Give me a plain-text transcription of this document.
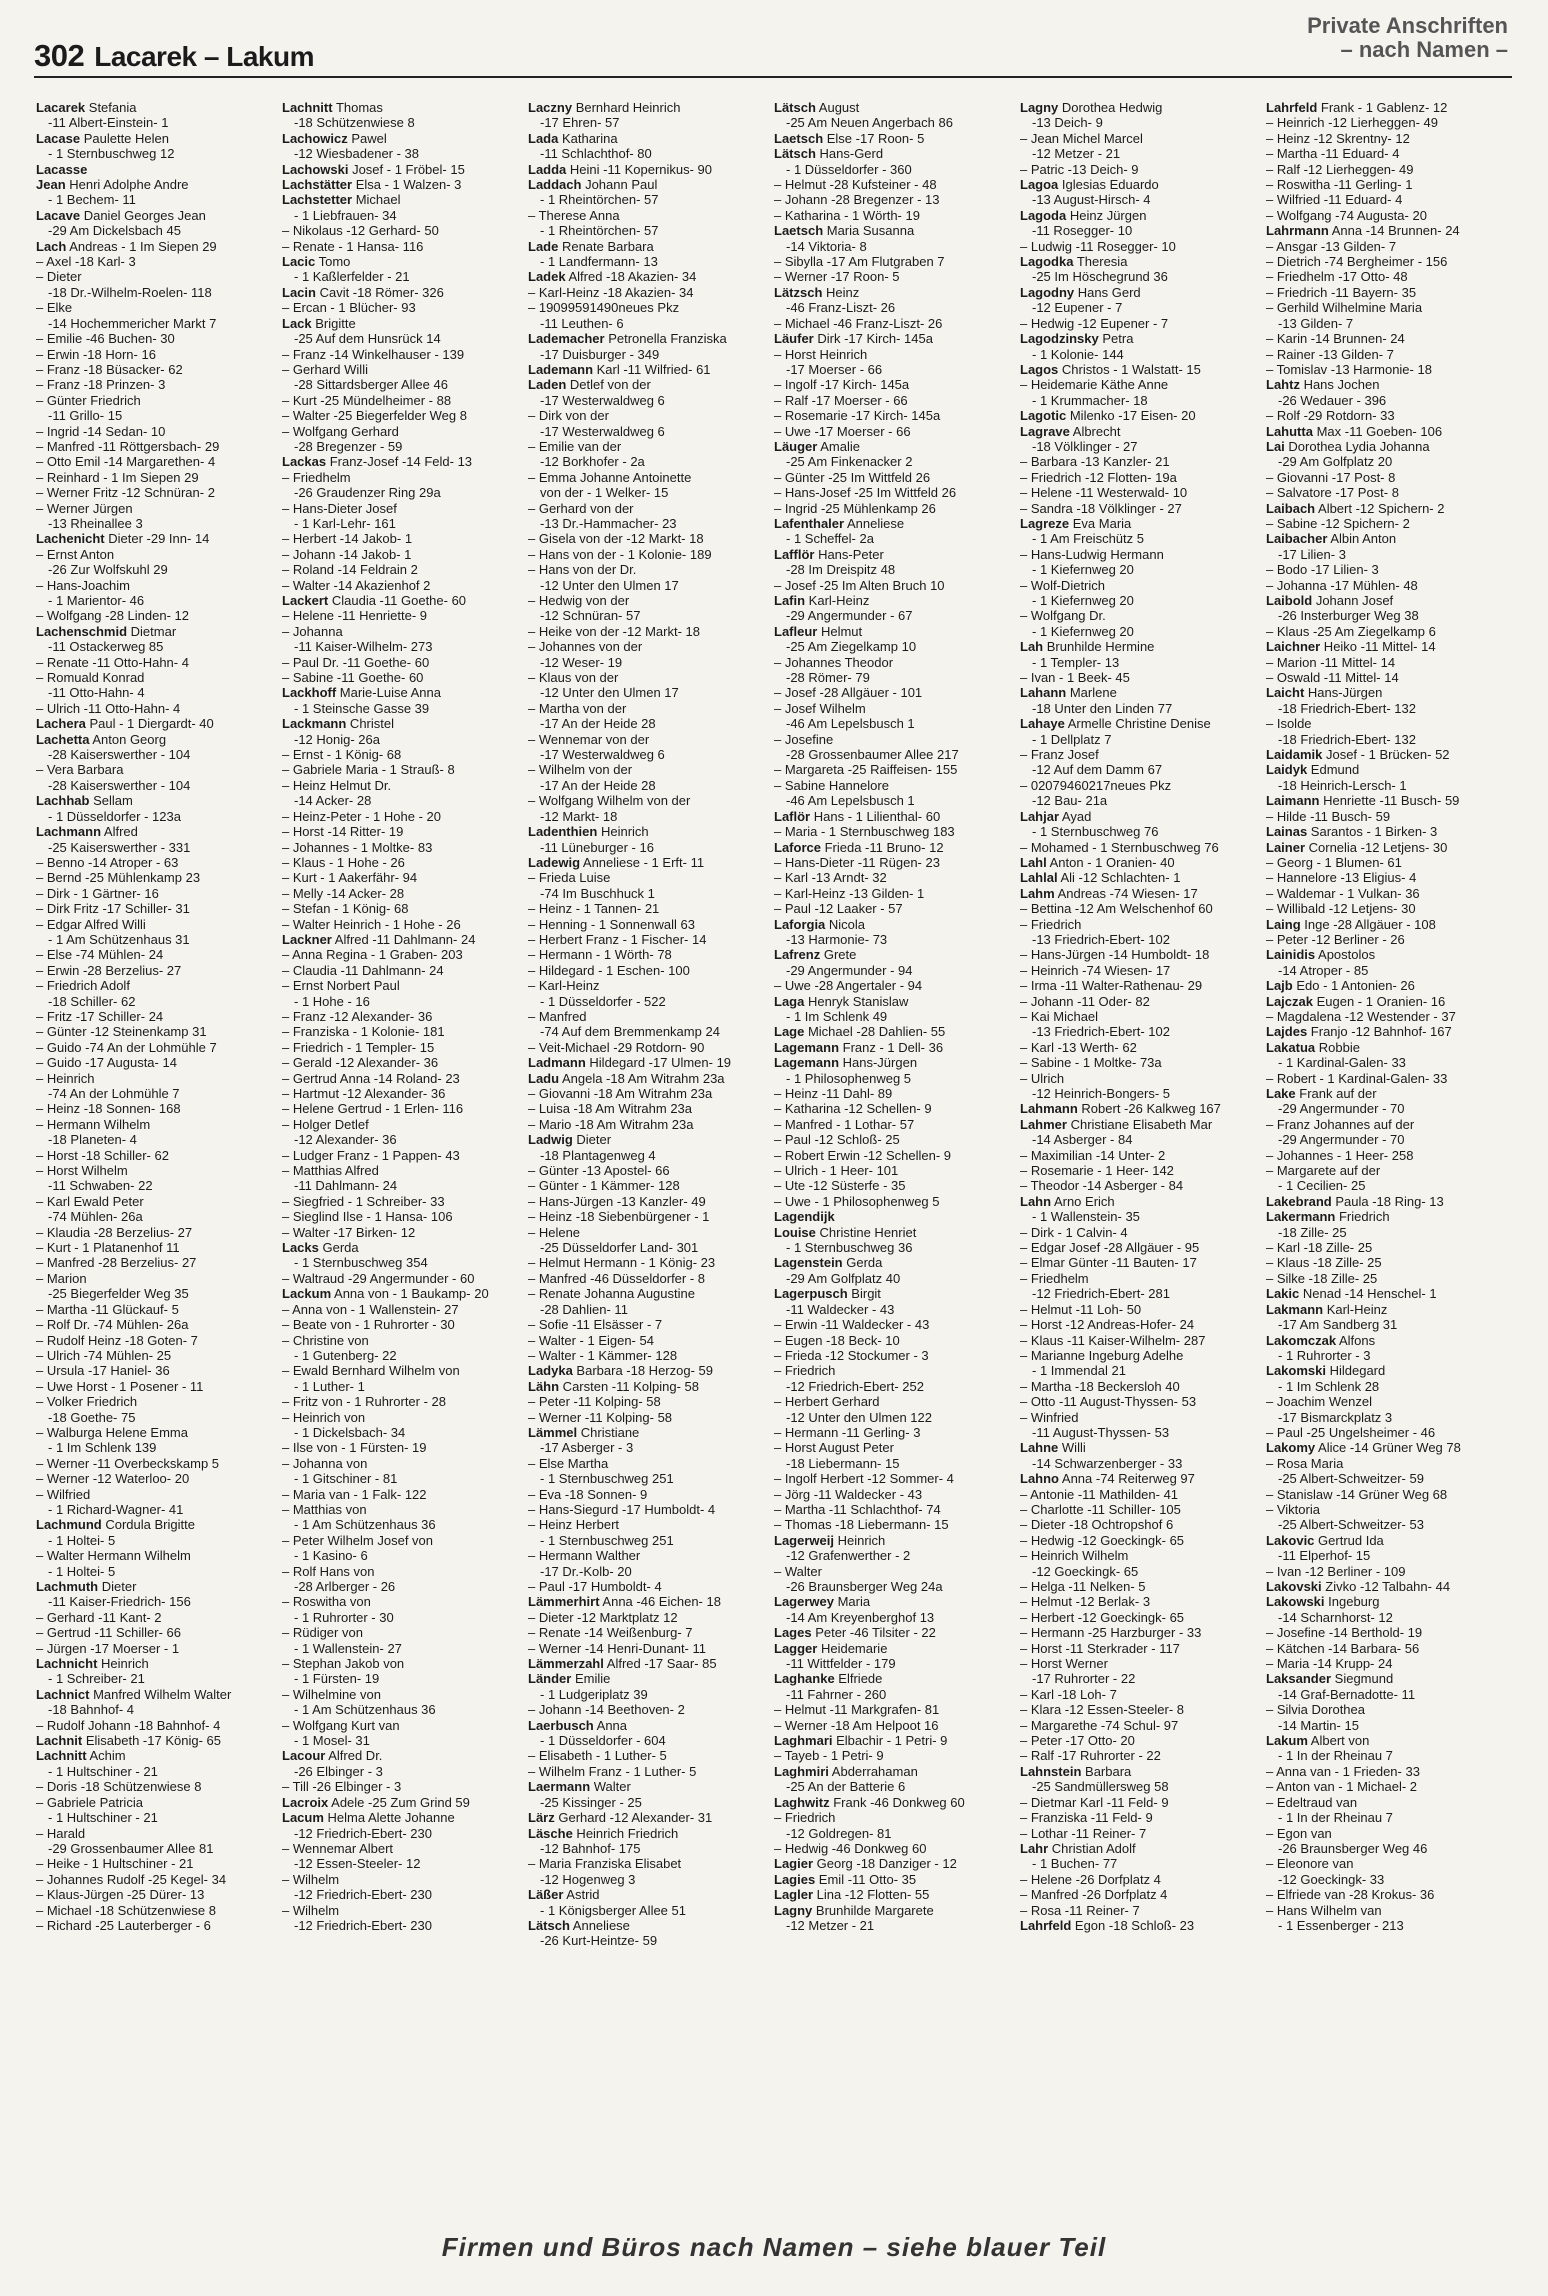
302 Lacarek – Lakum
Private Anschriften
– nach Namen –
Lacarek Stefania
-11 Albert-Einstein- 1
Lacase Paulette Helen
- 1 Sternbuschweg 12
Lacasse
Jean Henri Adolphe Andre
- 1 Bechem- 11
Lacave Daniel Georges Jean
-29 Am Dickelsbach 45
Lach Andreas - 1 Im Siepen 29
– Axel -18 Karl- 3
– Dieter
-18 Dr.-Wilhelm-Roelen- 118
– Elke
-14 Hochemmericher Markt 7
– Emilie -46 Buchen- 30
– Erwin -18 Horn- 16
– Franz -18 Büsacker- 62
– Franz -18 Prinzen- 3
– Günter Friedrich
-11 Grillo- 15
– Ingrid -14 Sedan- 10
– Manfred -11 Röttgersbach- 29
– Otto Emil -14 Margarethen- 4
– Reinhard - 1 Im Siepen 29
– Werner Fritz -12 Schnüran- 2
– Werner Jürgen
-13 Rheinallee 3
Lachenicht Dieter -29 Inn- 14
– Ernst Anton
-26 Zur Wolfskuhl 29
– Hans-Joachim
- 1 Marientor- 46
– Wolfgang -28 Linden- 12
Lachenschmid Dietmar
-11 Ostackerweg 85
– Renate -11 Otto-Hahn- 4
– Romuald Konrad
-11 Otto-Hahn- 4
– Ulrich -11 Otto-Hahn- 4
Lachera Paul - 1 Diergardt- 40
Lachetta Anton Georg
-28 Kaiserswerther - 104
– Vera Barbara
-28 Kaiserswerther - 104
Lachhab Sellam
- 1 Düsseldorfer - 123a
Lachmann Alfred
-25 Kaiserswerther - 331
– Benno -14 Atroper - 63
– Bernd -25 Mühlenkamp 23
– Dirk - 1 Gärtner- 16
– Dirk Fritz -17 Schiller- 31
– Edgar Alfred Willi
- 1 Am Schützenhaus 31
– Else -74 Mühlen- 24
– Erwin -28 Berzelius- 27
– Friedrich Adolf
-18 Schiller- 62
– Fritz -17 Schiller- 24
– Günter -12 Steinenkamp 31
– Guido -74 An der Lohmühle 7
– Guido -17 Augusta- 14
– Heinrich
-74 An der Lohmühle 7
– Heinz -18 Sonnen- 168
– Hermann Wilhelm
-18 Planeten- 4
– Horst -18 Schiller- 62
– Horst Wilhelm
-11 Schwaben- 22
– Karl Ewald Peter
-74 Mühlen- 26a
– Klaudia -28 Berzelius- 27
– Kurt - 1 Platanenhof 11
– Manfred -28 Berzelius- 27
– Marion
-25 Biegerfelder Weg 35
– Martha -11 Glückauf- 5
– Rolf Dr. -74 Mühlen- 26a
– Rudolf Heinz -18 Goten- 7
– Ulrich -74 Mühlen- 25
– Ursula -17 Haniel- 36
– Uwe Horst - 1 Posener - 11
– Volker Friedrich
-18 Goethe- 75
– Walburga Helene Emma
- 1 Im Schlenk 139
– Werner -11 Overbeckskamp 5
– Werner -12 Waterloo- 20
– Wilfried
- 1 Richard-Wagner- 41
Lachmund Cordula Brigitte
- 1 Holtei- 5
– Walter Hermann Wilhelm
- 1 Holtei- 5
Lachmuth Dieter
-11 Kaiser-Friedrich- 156
– Gerhard -11 Kant- 2
– Gertrud -11 Schiller- 66
– Jürgen -17 Moerser - 1
Lachnicht Heinrich
- 1 Schreiber- 21
Lachnict Manfred Wilhelm Walter
-18 Bahnhof- 4
– Rudolf Johann -18 Bahnhof- 4
Lachnit Elisabeth -17 König- 65
Lachnitt Achim
- 1 Hultschiner - 21
– Doris -18 Schützenwiese 8
– Gabriele Patricia
- 1 Hultschiner - 21
– Harald
-29 Grossenbaumer Allee 81
– Heike - 1 Hultschiner - 21
– Johannes Rudolf -25 Kegel- 34
– Klaus-Jürgen -25 Dürer- 13
– Michael -18 Schützenwiese 8
– Richard -25 Lauterberger - 6
Lachnitt Thomas
-18 Schützenwiese 8
Lachowicz Pawel
-12 Wiesbadener - 38
Lachowski Josef - 1 Fröbel- 15
Lachstätter Elsa - 1 Walzen- 3
Lachstetter Michael
- 1 Liebfrauen- 34
– Nikolaus -12 Gerhard- 50
– Renate - 1 Hansa- 116
Lacic Tomo
- 1 Kaßlerfelder - 21
Lacin Cavit -18 Römer- 326
– Ercan - 1 Blücher- 93
Lack Brigitte
-25 Auf dem Hunsrück 14
– Franz -14 Winkelhauser - 139
– Gerhard Willi
-28 Sittardsberger Allee 46
– Kurt -25 Mündelheimer - 88
– Walter -25 Biegerfelder Weg 8
– Wolfgang Gerhard
-28 Bregenzer - 59
Lackas Franz-Josef -14 Feld- 13
– Friedhelm
-26 Graudenzer Ring 29a
– Hans-Dieter Josef
- 1 Karl-Lehr- 161
– Herbert -14 Jakob- 1
– Johann -14 Jakob- 1
– Roland -14 Feldrain 2
– Walter -14 Akazienhof 2
Lackert Claudia -11 Goethe- 60
– Helene -11 Henriette- 9
– Johanna
-11 Kaiser-Wilhelm- 273
– Paul Dr. -11 Goethe- 60
– Sabine -11 Goethe- 60
Lackhoff Marie-Luise Anna
- 1 Steinsche Gasse 39
Lackmann Christel
-12 Honig- 26a
– Ernst - 1 König- 68
– Gabriele Maria - 1 Strauß- 8
– Heinz Helmut Dr.
-14 Acker- 28
– Heinz-Peter - 1 Hohe - 20
– Horst -14 Ritter- 19
– Johannes - 1 Moltke- 83
– Klaus - 1 Hohe - 26
– Kurt - 1 Aakerfähr- 94
– Melly -14 Acker- 28
– Stefan - 1 König- 68
– Walter Heinrich - 1 Hohe - 26
Lackner Alfred -11 Dahlmann- 24
– Anna Regina - 1 Graben- 203
– Claudia -11 Dahlmann- 24
– Ernst Norbert Paul
- 1 Hohe - 16
– Franz -12 Alexander- 36
– Franziska - 1 Kolonie- 181
– Friedrich - 1 Templer- 15
– Gerald -12 Alexander- 36
– Gertrud Anna -14 Roland- 23
– Hartmut -12 Alexander- 36
– Helene Gertrud - 1 Erlen- 116
– Holger Detlef
-12 Alexander- 36
– Ludger Franz - 1 Pappen- 43
– Matthias Alfred
-11 Dahlmann- 24
– Siegfried - 1 Schreiber- 33
– Sieglind Ilse - 1 Hansa- 106
– Walter -17 Birken- 12
Lacks Gerda
- 1 Sternbuschweg 354
– Waltraud -29 Angermunder - 60
Lackum Anna von - 1 Baukamp- 20
– Anna von - 1 Wallenstein- 27
– Beate von - 1 Ruhrorter - 30
– Christine von
- 1 Gutenberg- 22
– Ewald Bernhard Wilhelm von
- 1 Luther- 1
– Fritz von - 1 Ruhrorter - 28
– Heinrich von
- 1 Dickelsbach- 34
– Ilse von - 1 Fürsten- 19
– Johanna von
- 1 Gitschiner - 81
– Maria van - 1 Falk- 122
– Matthias von
- 1 Am Schützenhaus 36
– Peter Wilhelm Josef von
- 1 Kasino- 6
– Rolf Hans von
-28 Arlberger - 26
– Roswitha von
- 1 Ruhrorter - 30
– Rüdiger von
- 1 Wallenstein- 27
– Stephan Jakob von
- 1 Fürsten- 19
– Wilhelmine von
- 1 Am Schützenhaus 36
– Wolfgang Kurt van
- 1 Mosel- 31
Lacour Alfred Dr.
-26 Elbinger - 3
– Till -26 Elbinger - 3
Lacroix Adele -25 Zum Grind 59
Lacum Helma Alette Johanne
-12 Friedrich-Ebert- 230
– Wennemar Albert
-12 Essen-Steeler- 12
– Wilhelm
-12 Friedrich-Ebert- 230
– Wilhelm
-12 Friedrich-Ebert- 230
Laczny Bernhard Heinrich
-17 Ehren- 57
Lada Katharina
-11 Schlachthof- 80
Ladda Heini -11 Kopernikus- 90
Laddach Johann Paul
- 1 Rheintörchen- 57
– Therese Anna
- 1 Rheintörchen- 57
Lade Renate Barbara
- 1 Landfermann- 13
Ladek Alfred -18 Akazien- 34
– Karl-Heinz -18 Akazien- 34
– 19099591490neues Pkz
-11 Leuthen- 6
Lademacher Petronella Franziska
-17 Duisburger - 349
Lademann Karl -11 Wilfried- 61
Laden Detlef von der
-17 Westerwaldweg 6
– Dirk von der
-17 Westerwaldweg 6
– Emilie van der
-12 Borkhofer - 2a
– Emma Johanne Antoinette
von der - 1 Welker- 15
– Gerhard von der
-13 Dr.-Hammacher- 23
– Gisela von der -12 Markt- 18
– Hans von der - 1 Kolonie- 189
– Hans von der Dr.
-12 Unter den Ulmen 17
– Hedwig von der
-12 Schnüran- 57
– Heike von der -12 Markt- 18
– Johannes von der
-12 Weser- 19
– Klaus von der
-12 Unter den Ulmen 17
– Martha von der
-17 An der Heide 28
– Wennemar von der
-17 Westerwaldweg 6
– Wilhelm von der
-17 An der Heide 28
– Wolfgang Wilhelm von der
-12 Markt- 18
Ladenthien Heinrich
-11 Lüneburger - 16
Ladewig Anneliese - 1 Erft- 11
– Frieda Luise
-74 Im Buschhuck 1
– Heinz - 1 Tannen- 21
– Henning - 1 Sonnenwall 63
– Herbert Franz - 1 Fischer- 14
– Hermann - 1 Wörth- 78
– Hildegard - 1 Eschen- 100
– Karl-Heinz
- 1 Düsseldorfer - 522
– Manfred
-74 Auf dem Bremmenkamp 24
– Veit-Michael -29 Rotdorn- 90
Ladmann Hildegard -17 Ulmen- 19
Ladu Angela -18 Am Witrahm 23a
– Giovanni -18 Am Witrahm 23a
– Luisa -18 Am Witrahm 23a
– Mario -18 Am Witrahm 23a
Ladwig Dieter
-18 Plantagenweg 4
– Günter -13 Apostel- 66
– Günter - 1 Kämmer- 128
– Hans-Jürgen -13 Kanzler- 49
– Heinz -18 Siebenbürgener - 1
– Helene
-25 Düsseldorfer Land- 301
– Helmut Hermann - 1 König- 23
– Manfred -46 Düsseldorfer - 8
– Renate Johanna Augustine
-28 Dahlien- 11
– Sofie -11 Elsässer - 7
– Walter - 1 Eigen- 54
– Walter - 1 Kämmer- 128
Ladyka Barbara -18 Herzog- 59
Lähn Carsten -11 Kolping- 58
– Peter -11 Kolping- 58
– Werner -11 Kolping- 58
Lämmel Christiane
-17 Asberger - 3
– Else Martha
- 1 Sternbuschweg 251
– Eva -18 Sonnen- 9
– Hans-Siegurd -17 Humboldt- 4
– Heinz Herbert
- 1 Sternbuschweg 251
– Hermann Walther
-17 Dr.-Kolb- 20
– Paul -17 Humboldt- 4
Lämmerhirt Anna -46 Eichen- 18
– Dieter -12 Marktplatz 12
– Renate -14 Weißenburg- 7
– Werner -14 Henri-Dunant- 11
Lämmerzahl Alfred -17 Saar- 85
Länder Emilie
- 1 Ludgeriplatz 39
– Johann -14 Beethoven- 2
Laerbusch Anna
- 1 Düsseldorfer - 604
– Elisabeth - 1 Luther- 5
– Wilhelm Franz - 1 Luther- 5
Laermann Walter
-25 Kissinger - 25
Lärz Gerhard -12 Alexander- 31
Läsche Heinrich Friedrich
-12 Bahnhof- 175
– Maria Franziska Elisabet
-12 Hogenweg 3
Läßer Astrid
- 1 Königsberger Allee 51
Lätsch Anneliese
-26 Kurt-Heintze- 59
Lätsch August
-25 Am Neuen Angerbach 86
Laetsch Else -17 Roon- 5
Lätsch Hans-Gerd
- 1 Düsseldorfer - 360
– Helmut -28 Kufsteiner - 48
– Johann -28 Bregenzer - 13
– Katharina - 1 Wörth- 19
Laetsch Maria Susanna
-14 Viktoria- 8
– Sibylla -17 Am Flutgraben 7
– Werner -17 Roon- 5
Lätzsch Heinz
-46 Franz-Liszt- 26
– Michael -46 Franz-Liszt- 26
Läufer Dirk -17 Kirch- 145a
– Horst Heinrich
-17 Moerser - 66
– Ingolf -17 Kirch- 145a
– Ralf -17 Moerser - 66
– Rosemarie -17 Kirch- 145a
– Uwe -17 Moerser - 66
Läuger Amalie
-25 Am Finkenacker 2
– Günter -25 Im Wittfeld 26
– Hans-Josef -25 Im Wittfeld 26
– Ingrid -25 Mühlenkamp 26
Lafenthaler Anneliese
- 1 Scheffel- 2a
Lafflör Hans-Peter
-28 Im Dreispitz 48
– Josef -25 Im Alten Bruch 10
Lafin Karl-Heinz
-29 Angermunder - 67
Lafleur Helmut
-25 Am Ziegelkamp 10
– Johannes Theodor
-28 Römer- 79
– Josef -28 Allgäuer - 101
– Josef Wilhelm
-46 Am Lepelsbusch 1
– Josefine
-28 Grossenbaumer Allee 217
– Margareta -25 Raiffeisen- 155
– Sabine Hannelore
-46 Am Lepelsbusch 1
Laflör Hans - 1 Lilienthal- 60
– Maria - 1 Sternbuschweg 183
Laforce Frieda -11 Bruno- 12
– Hans-Dieter -11 Rügen- 23
– Karl -13 Arndt- 32
– Karl-Heinz -13 Gilden- 1
– Paul -12 Laaker - 57
Laforgia Nicola
-13 Harmonie- 73
Lafrenz Grete
-29 Angermunder - 94
– Uwe -28 Angertaler - 94
Laga Henryk Stanislaw
- 1 Im Schlenk 49
Lage Michael -28 Dahlien- 55
Lagemann Franz - 1 Dell- 36
Lagemann Hans-Jürgen
- 1 Philosophenweg 5
– Heinz -11 Dahl- 89
– Katharina -12 Schellen- 9
– Manfred - 1 Lothar- 57
– Paul -12 Schloß- 25
– Robert Erwin -12 Schellen- 9
– Ulrich - 1 Heer- 101
– Ute -12 Süsterfe - 35
– Uwe - 1 Philosophenweg 5
Lagendijk
Louise Christine Henriet
- 1 Sternbuschweg 36
Lagenstein Gerda
-29 Am Golfplatz 40
Lagerpusch Birgit
-11 Waldecker - 43
– Erwin -11 Waldecker - 43
– Eugen -18 Beck- 10
– Frieda -12 Stockumer - 3
– Friedrich
-12 Friedrich-Ebert- 252
– Herbert Gerhard
-12 Unter den Ulmen 122
– Hermann -11 Gerling- 3
– Horst August Peter
-18 Liebermann- 15
– Ingolf Herbert -12 Sommer- 4
– Jörg -11 Waldecker - 43
– Martha -11 Schlachthof- 74
– Thomas -18 Liebermann- 15
Lagerweij Heinrich
-12 Grafenwerther - 2
– Walter
-26 Braunsberger Weg 24a
Lagerwey Maria
-14 Am Kreyenberghof 13
Lages Peter -46 Tilsiter - 22
Lagger Heidemarie
-11 Wittfelder - 179
Laghanke Elfriede
-11 Fahrner - 260
– Helmut -11 Markgrafen- 81
– Werner -18 Am Helpoot 16
Laghmari Elbachir - 1 Petri- 9
– Tayeb - 1 Petri- 9
Laghmiri Abderrahaman
-25 An der Batterie 6
Laghwitz Frank -46 Donkweg 60
– Friedrich
-12 Goldregen- 81
– Hedwig -46 Donkweg 60
Lagier Georg -18 Danziger - 12
Lagies Emil -11 Otto- 35
Lagler Lina -12 Flotten- 55
Lagny Brunhilde Margarete
-12 Metzer - 21
Lagny Dorothea Hedwig
-13 Deich- 9
– Jean Michel Marcel
-12 Metzer - 21
– Patric -13 Deich- 9
Lagoa Iglesias Eduardo
-13 August-Hirsch- 4
Lagoda Heinz Jürgen
-11 Rosegger- 10
– Ludwig -11 Rosegger- 10
Lagodka Theresia
-25 Im Höschegrund 36
Lagodny Hans Gerd
-12 Eupener - 7
– Hedwig -12 Eupener - 7
Lagodzinsky Petra
- 1 Kolonie- 144
Lagos Christos - 1 Walstatt- 15
– Heidemarie Käthe Anne
- 1 Krummacher- 18
Lagotic Milenko -17 Eisen- 20
Lagrave Albrecht
-18 Völklinger - 27
– Barbara -13 Kanzler- 21
– Friedrich -12 Flotten- 19a
– Helene -11 Westerwald- 10
– Sandra -18 Völklinger - 27
Lagreze Eva Maria
- 1 Am Freischütz 5
– Hans-Ludwig Hermann
- 1 Kiefernweg 20
– Wolf-Dietrich
- 1 Kiefernweg 20
– Wolfgang Dr.
- 1 Kiefernweg 20
Lah Brunhilde Hermine
- 1 Templer- 13
– Ivan - 1 Beek- 45
Lahann Marlene
-18 Unter den Linden 77
Lahaye Armelle Christine Denise
- 1 Dellplatz 7
– Franz Josef
-12 Auf dem Damm 67
– 02079460217neues Pkz
-12 Bau- 21a
Lahjar Ayad
- 1 Sternbuschweg 76
– Mohamed - 1 Sternbuschweg 76
Lahl Anton - 1 Oranien- 40
Lahlal Ali -12 Schlachten- 1
Lahm Andreas -74 Wiesen- 17
– Bettina -12 Am Welschenhof 60
– Friedrich
-13 Friedrich-Ebert- 102
– Hans-Jürgen -14 Humboldt- 18
– Heinrich -74 Wiesen- 17
– Irma -11 Walter-Rathenau- 29
– Johann -11 Oder- 82
– Kai Michael
-13 Friedrich-Ebert- 102
– Karl -13 Werth- 62
– Sabine - 1 Moltke- 73a
– Ulrich
-12 Heinrich-Bongers- 5
Lahmann Robert -26 Kalkweg 167
Lahmer Christiane Elisabeth Mar
-14 Asberger - 84
– Maximilian -14 Unter- 2
– Rosemarie - 1 Heer- 142
– Theodor -14 Asberger - 84
Lahn Arno Erich
- 1 Wallenstein- 35
– Dirk - 1 Calvin- 4
– Edgar Josef -28 Allgäuer - 95
– Elmar Günter -11 Bauten- 17
– Friedhelm
-12 Friedrich-Ebert- 281
– Helmut -11 Loh- 50
– Horst -12 Andreas-Hofer- 24
– Klaus -11 Kaiser-Wilhelm- 287
– Marianne Ingeburg Adelhe
- 1 Immendal 21
– Martha -18 Beckersloh 40
– Otto -11 August-Thyssen- 53
– Winfried
-11 August-Thyssen- 53
Lahne Willi
-14 Schwarzenberger - 33
Lahno Anna -74 Reiterweg 97
– Antonie -11 Mathilden- 41
– Charlotte -11 Schiller- 105
– Dieter -18 Ochtropshof 6
– Hedwig -12 Goeckingk- 65
– Heinrich Wilhelm
-12 Goeckingk- 65
– Helga -11 Nelken- 5
– Helmut -12 Berlak- 3
– Herbert -12 Goeckingk- 65
– Hermann -25 Harzburger - 33
– Horst -11 Sterkrader - 117
– Horst Werner
-17 Ruhrorter - 22
– Karl -18 Loh- 7
– Klara -12 Essen-Steeler- 8
– Margarethe -74 Schul- 97
– Peter -17 Otto- 20
– Ralf -17 Ruhrorter - 22
Lahnstein Barbara
-25 Sandmüllersweg 58
– Dietmar Karl -11 Feld- 9
– Franziska -11 Feld- 9
– Lothar -11 Reiner- 7
Lahr Christian Adolf
- 1 Buchen- 77
– Helene -26 Dorfplatz 4
– Manfred -26 Dorfplatz 4
– Rosa -11 Reiner- 7
Lahrfeld Egon -18 Schloß- 23
Lahrfeld Frank - 1 Gablenz- 12
– Heinrich -12 Lierheggen- 49
– Heinz -12 Skrentny- 12
– Martha -11 Eduard- 4
– Ralf -12 Lierheggen- 49
– Roswitha -11 Gerling- 1
– Wilfried -11 Eduard- 4
– Wolfgang -74 Augusta- 20
Lahrmann Anna -14 Brunnen- 24
– Ansgar -13 Gilden- 7
– Dietrich -74 Bergheimer - 156
– Friedhelm -17 Otto- 48
– Friedrich -11 Bayern- 35
– Gerhild Wilhelmine Maria
-13 Gilden- 7
– Karin -14 Brunnen- 24
– Rainer -13 Gilden- 7
– Tomislav -13 Harmonie- 18
Lahtz Hans Jochen
-26 Wedauer - 396
– Rolf -29 Rotdorn- 33
Lahutta Max -11 Goeben- 106
Lai Dorothea Lydia Johanna
-29 Am Golfplatz 20
– Giovanni -17 Post- 8
– Salvatore -17 Post- 8
Laibach Albert -12 Spichern- 2
– Sabine -12 Spichern- 2
Laibacher Albin Anton
-17 Lilien- 3
– Bodo -17 Lilien- 3
– Johanna -17 Mühlen- 48
Laibold Johann Josef
-26 Insterburger Weg 38
– Klaus -25 Am Ziegelkamp 6
Laichner Heiko -11 Mittel- 14
– Marion -11 Mittel- 14
– Oswald -11 Mittel- 14
Laicht Hans-Jürgen
-18 Friedrich-Ebert- 132
– Isolde
-18 Friedrich-Ebert- 132
Laidamik Josef - 1 Brücken- 52
Laidyk Edmund
-18 Heinrich-Lersch- 1
Laimann Henriette -11 Busch- 59
– Hilde -11 Busch- 59
Lainas Sarantos - 1 Birken- 3
Lainer Cornelia -12 Letjens- 30
– Georg - 1 Blumen- 61
– Hannelore -13 Eligius- 4
– Waldemar - 1 Vulkan- 36
– Willibald -12 Letjens- 30
Laing Inge -28 Allgäuer - 108
– Peter -12 Berliner - 26
Lainidis Apostolos
-14 Atroper - 85
Lajb Edo - 1 Antonien- 26
Lajczak Eugen - 1 Oranien- 16
– Magdalena -12 Westender - 37
Lajdes Franjo -12 Bahnhof- 167
Lakatua Robbie
- 1 Kardinal-Galen- 33
– Robert - 1 Kardinal-Galen- 33
Lake Frank auf der
-29 Angermunder - 70
– Franz Johannes auf der
-29 Angermunder - 70
– Johannes - 1 Heer- 258
– Margarete auf der
- 1 Cecilien- 25
Lakebrand Paula -18 Ring- 13
Lakermann Friedrich
-18 Zille- 25
– Karl -18 Zille- 25
– Klaus -18 Zille- 25
– Silke -18 Zille- 25
Lakic Nenad -14 Henschel- 1
Lakmann Karl-Heinz
-17 Am Sandberg 31
Lakomczak Alfons
- 1 Ruhrorter - 3
Lakomski Hildegard
- 1 Im Schlenk 28
– Joachim Wenzel
-17 Bismarckplatz 3
– Paul -25 Ungelsheimer - 46
Lakomy Alice -14 Grüner Weg 78
– Rosa Maria
-25 Albert-Schweitzer- 59
– Stanislaw -14 Grüner Weg 68
– Viktoria
-25 Albert-Schweitzer- 53
Lakovic Gertrud Ida
-11 Elperhof- 15
– Ivan -12 Berliner - 109
Lakovski Zivko -12 Talbahn- 44
Lakowski Ingeburg
-14 Scharnhorst- 12
– Josefine -14 Berthold- 19
– Kätchen -14 Barbara- 56
– Maria -14 Krupp- 24
Laksander Siegmund
-14 Graf-Bernadotte- 11
– Silvia Dorothea
-14 Martin- 15
Lakum Albert von
- 1 In der Rheinau 7
– Anna van - 1 Frieden- 33
– Anton van - 1 Michael- 2
– Edeltraud van
- 1 In der Rheinau 7
– Egon van
-26 Braunsberger Weg 46
– Eleonore van
-12 Goeckingk- 33
– Elfriede van -28 Krokus- 36
– Hans Wilhelm van
- 1 Essenberger - 213
Firmen und Büros nach Namen – siehe blauer Teil
